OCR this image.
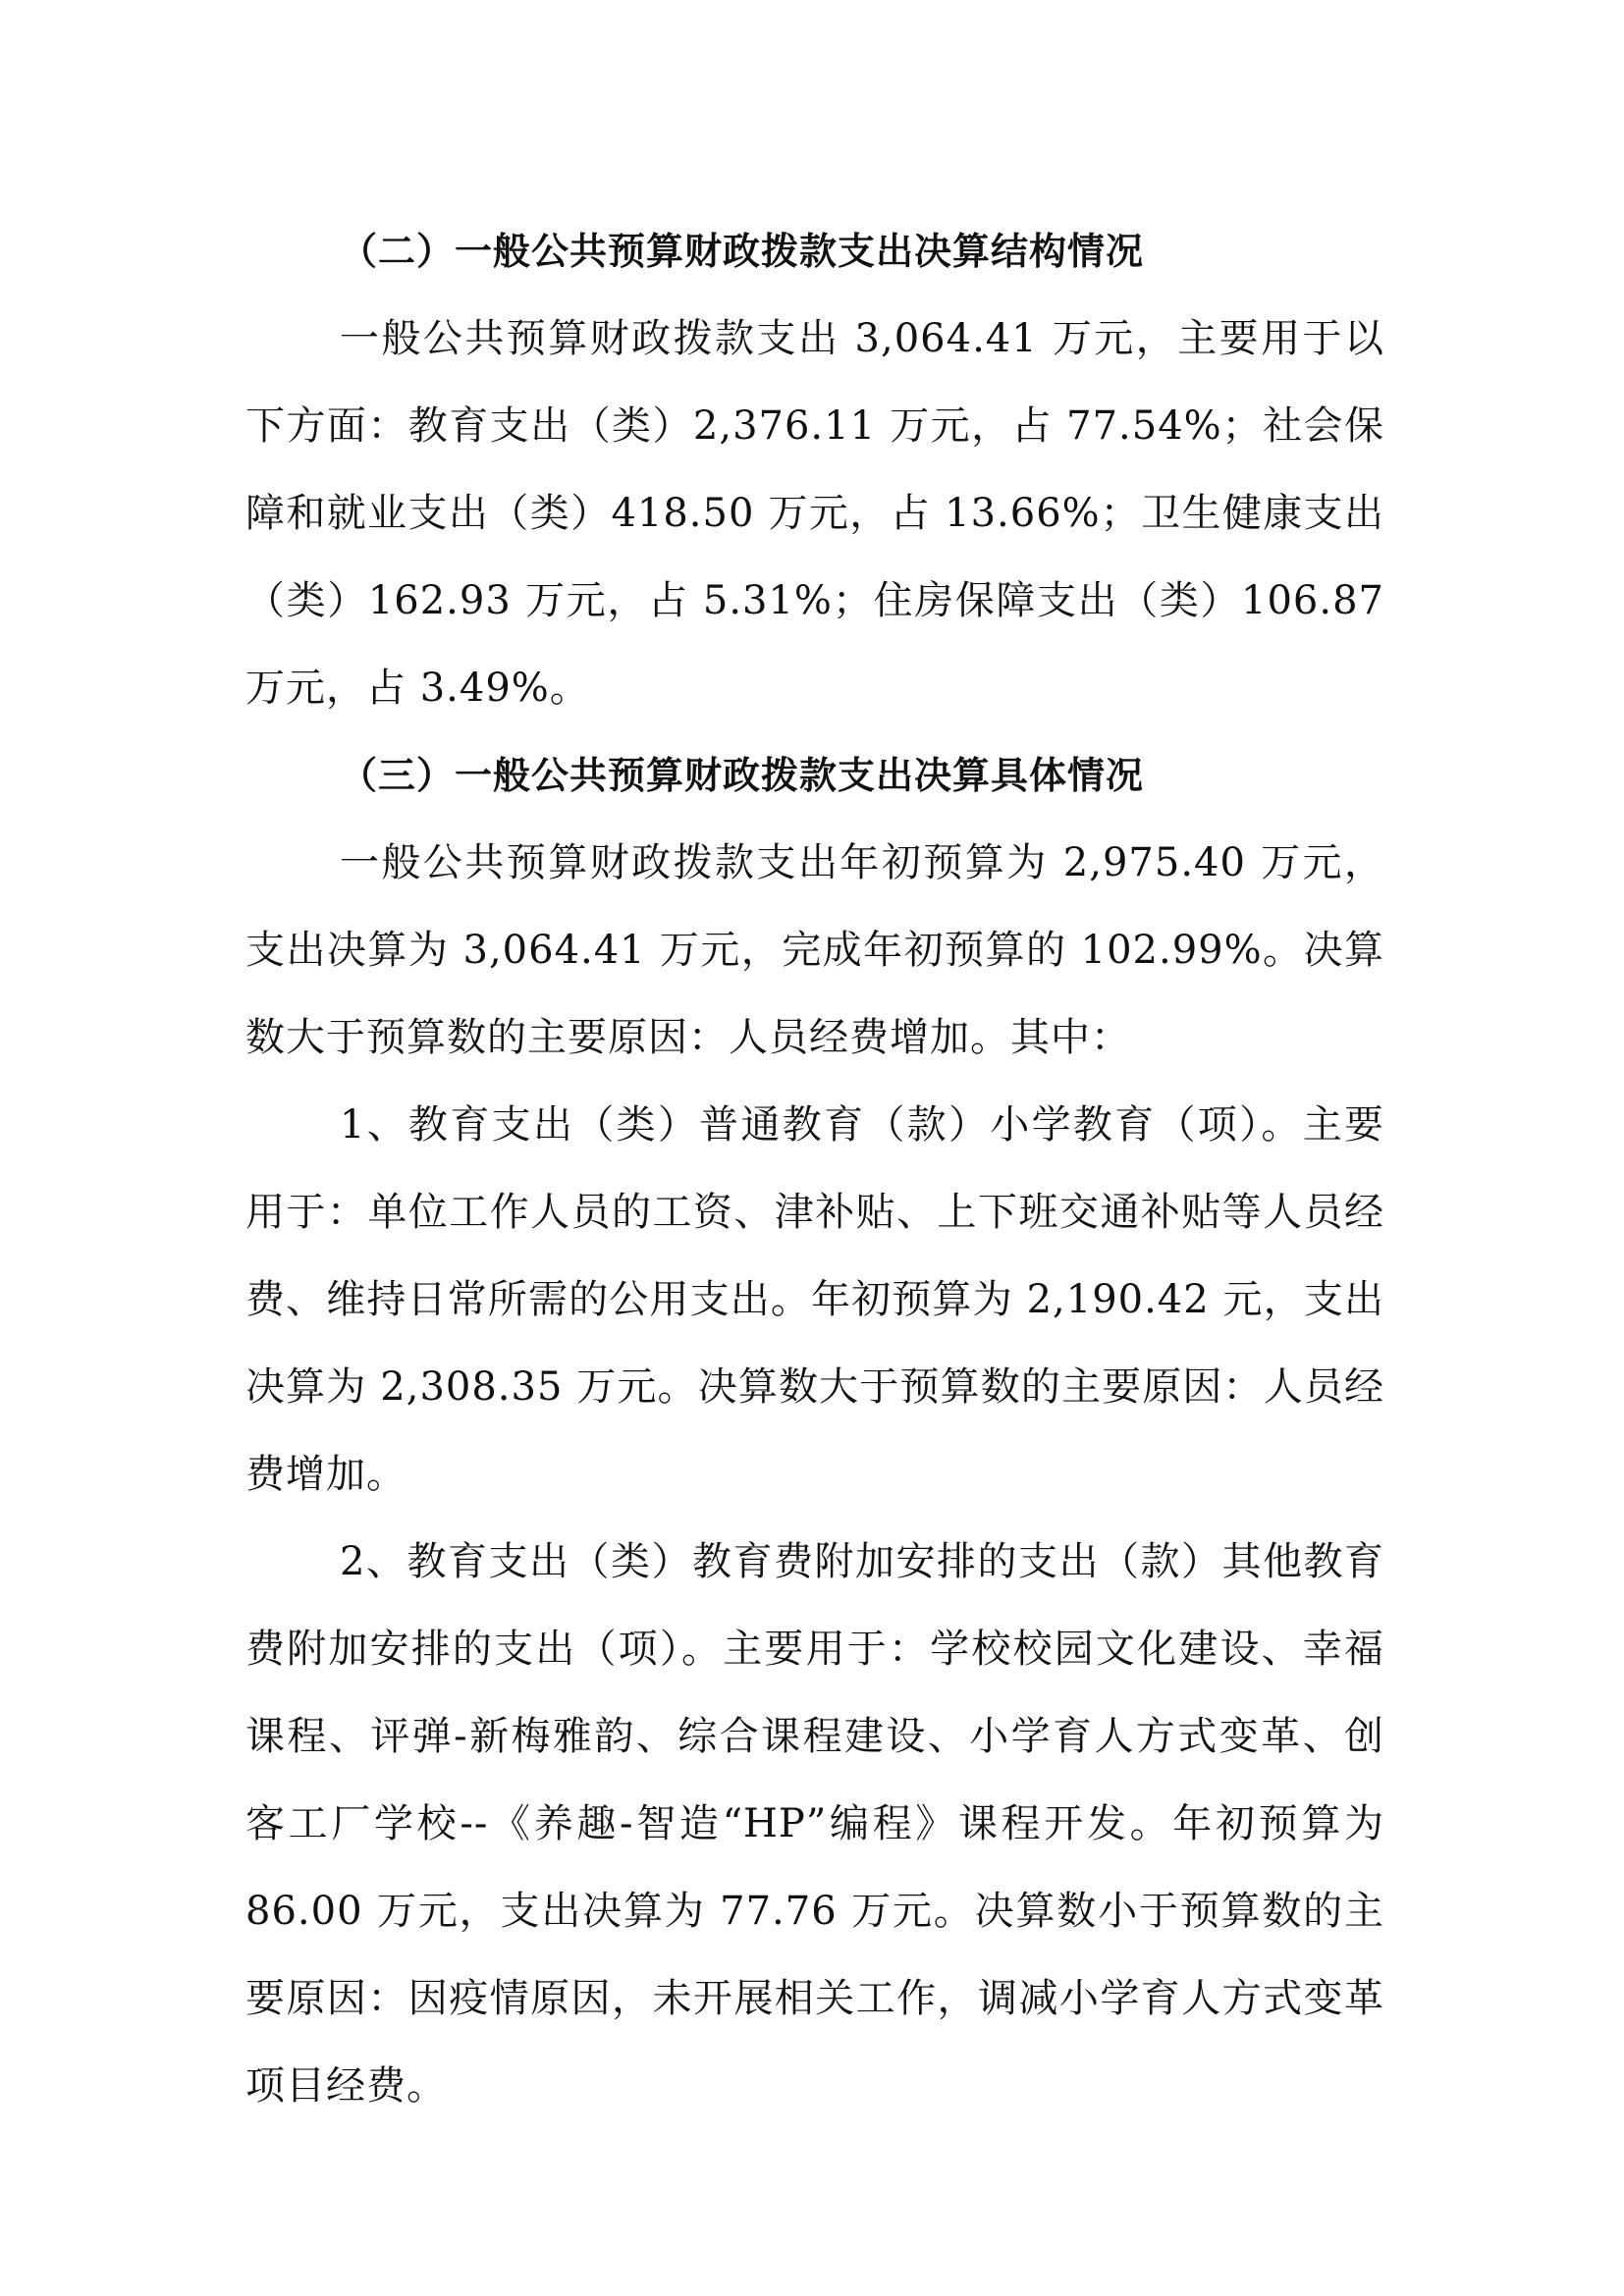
（二）一般公共预算财政拨款支出决算结构情况

一般公共预算财政拨款支出 3,064.41 万元，主要用于以下方面：教育支出（类）2,376.11 万元，占 77.54%；社会保障和就业支出（类）418.50 万元，占 13.66%；卫生健康支出（类）162.93 万元，占 5.31%；住房保障支出（类）106.87 万元，占 3.49%。

（三）一般公共预算财政拨款支出决算具体情况

一般公共预算财政拨款支出年初预算为 2,975.40 万元，支出决算为 3,064.41 万元，完成年初预算的 102.99%。决算数大于预算数的主要原因：人员经费增加。其中：

1、教育支出（类）普通教育（款）小学教育（项）。主要用于：单位工作人员的工资、津补贴、上下班交通补贴等人员经费、维持日常所需的公用支出。年初预算为 2,190.42 元，支出决算为 2,308.35 万元。决算数大于预算数的主要原因：人员经费增加。

2、教育支出（类）教育费附加安排的支出（款）其他教育费附加安排的支出（项）。主要用于：学校校园文化建设、幸福课程、评弹-新梅雅韵、综合课程建设、小学育人方式变革、创客工厂学校--《养趣-智造“HP”编程》课程开发。年初预算为 86.00 万元，支出决算为 77.76 万元。决算数小于预算数的主要原因：因疫情原因，未开展相关工作，调减小学育人方式变革项目经费。
